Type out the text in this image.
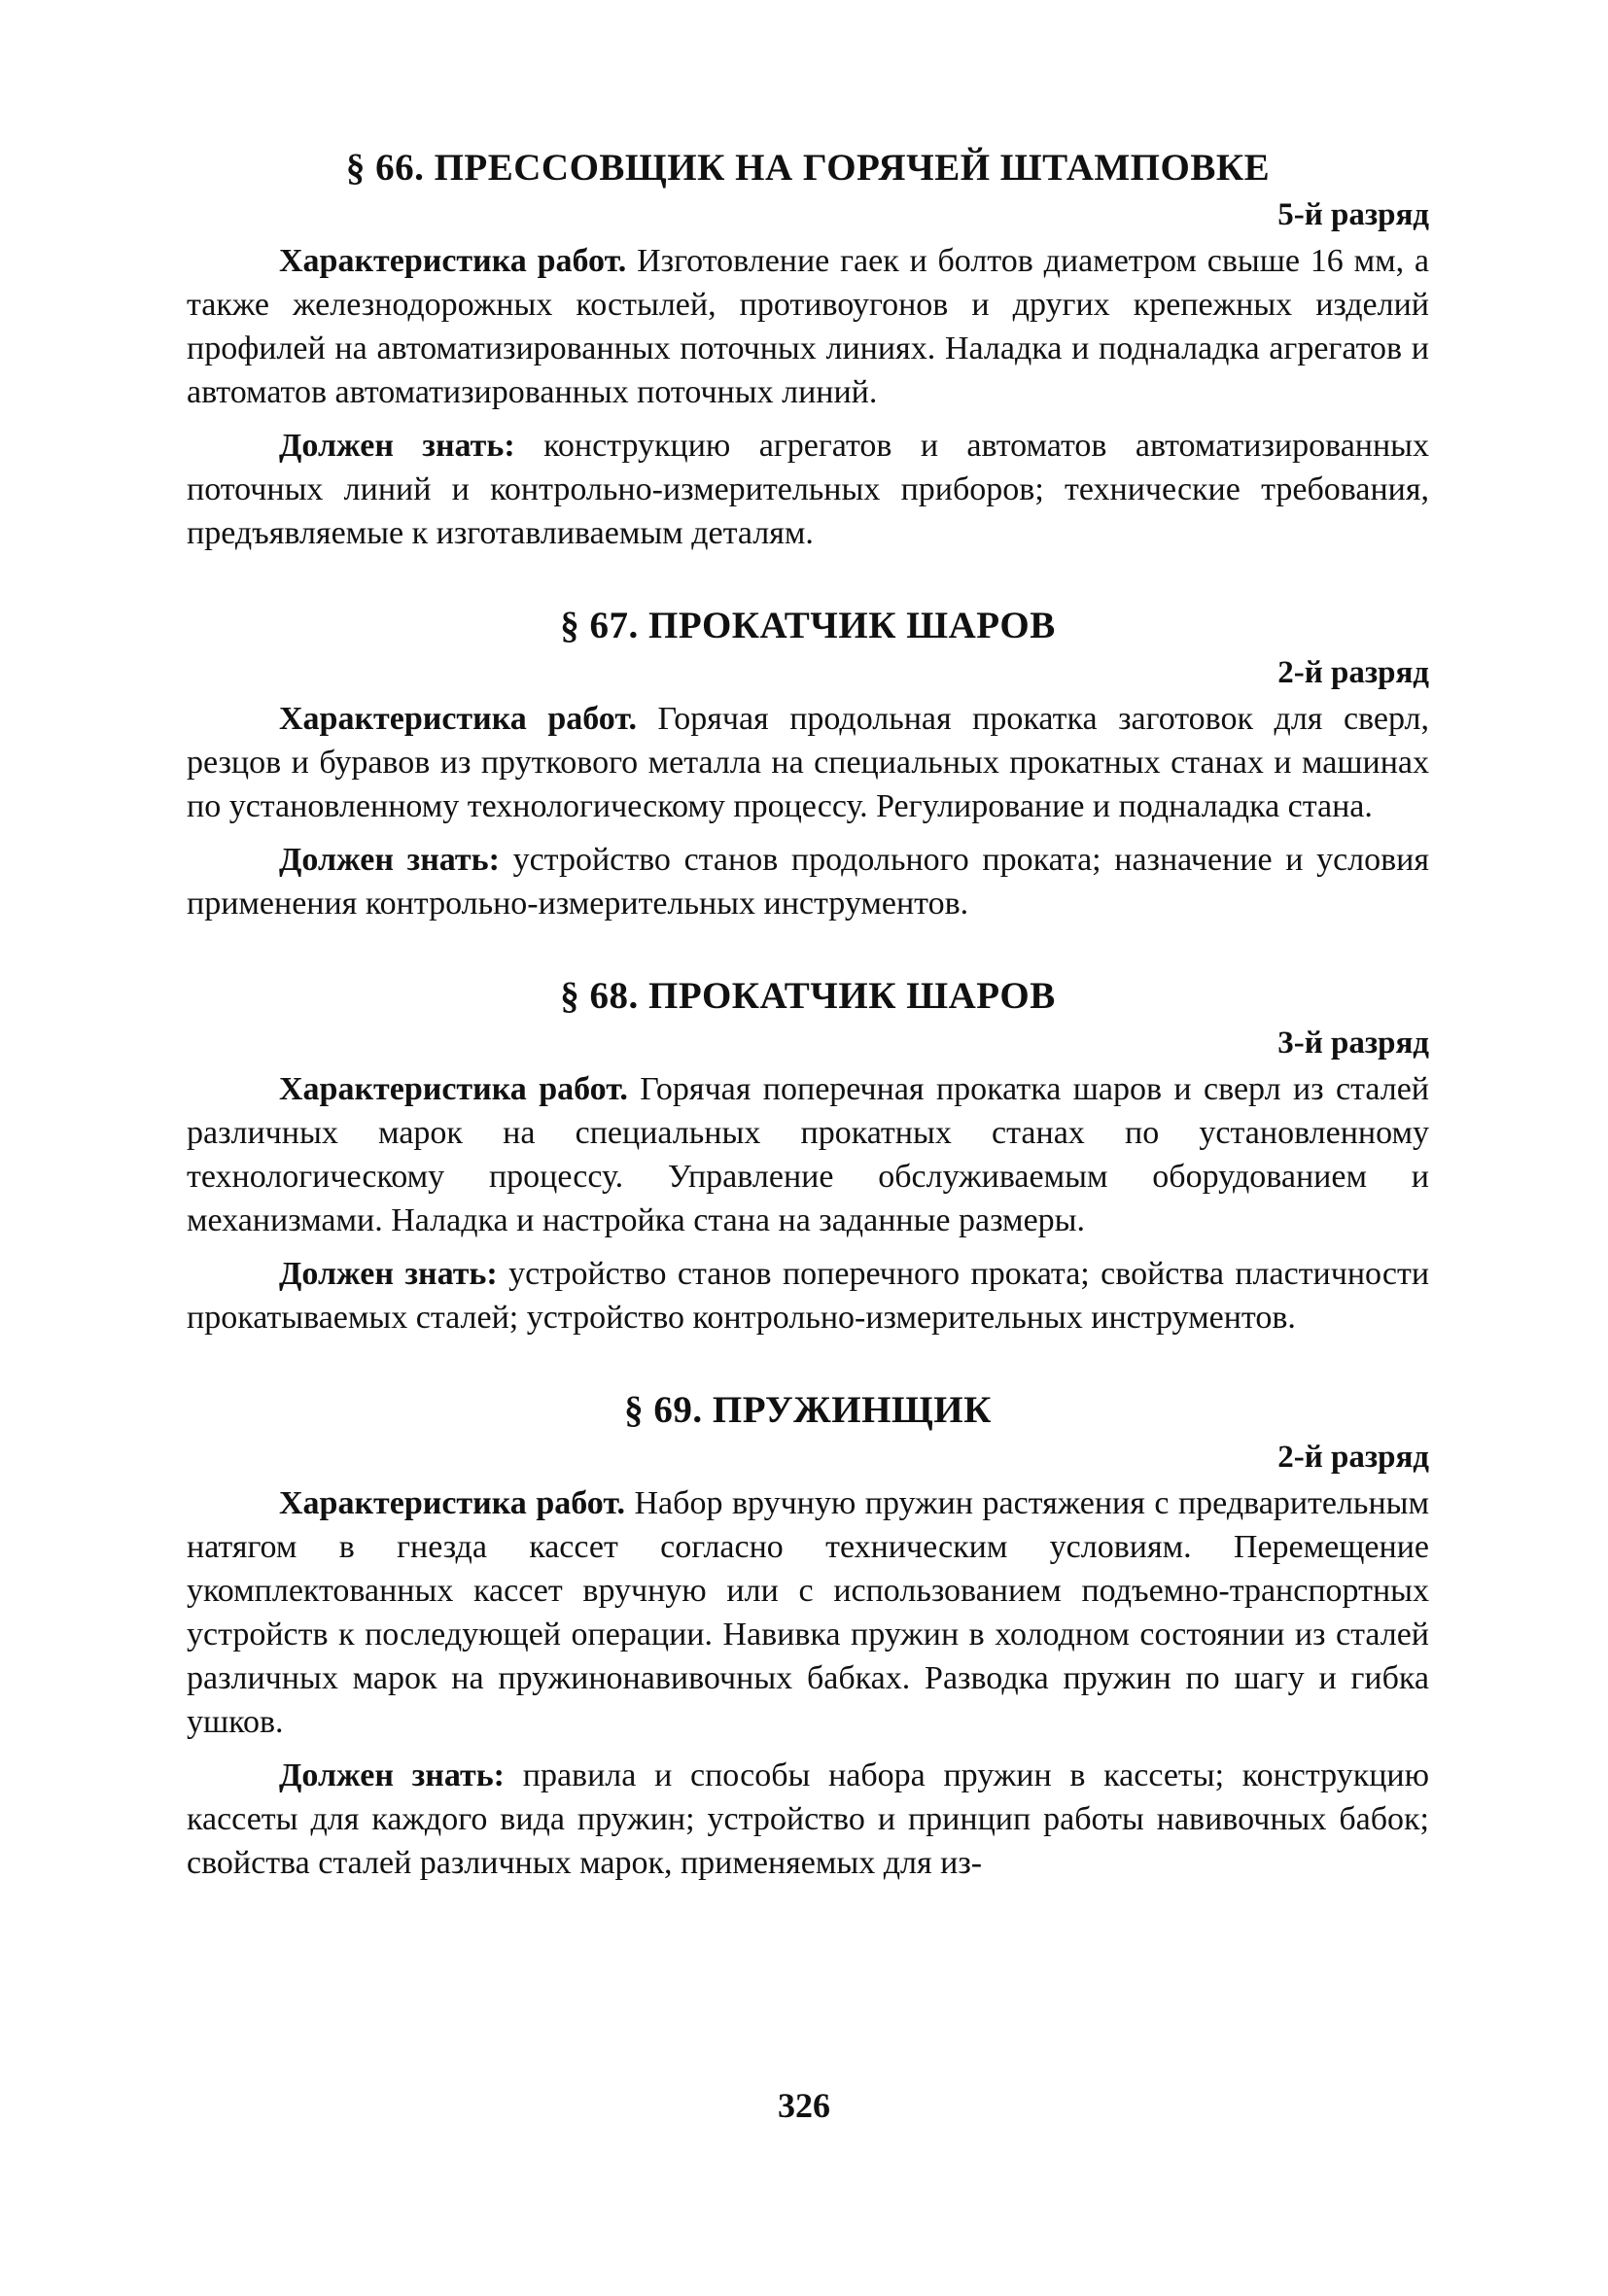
§ 66. ПРЕССОВЩИК НА ГОРЯЧЕЙ ШТАМПОВКЕ
5-й разряд

Характеристика работ. Изготовление гаек и болтов диаметром свыше 16 мм, а также железнодорожных костылей, противоугонов и других крепежных изделий профилей на автоматизированных поточных линиях. Наладка и подналадка агрегатов и автоматов автоматизированных поточных линий.

Должен знать: конструкцию агрегатов и автоматов автоматизированных поточных линий и контрольно-измерительных приборов; технические требования, предъявляемые к изготавливаемым деталям.

§ 67. ПРОКАТЧИК ШАРОВ
2-й разряд

Характеристика работ. Горячая продольная прокатка заготовок для сверл, резцов и буравов из пруткового металла на специальных прокатных станах и машинах по установленному технологическому процессу. Регулирование и подналадка стана.

Должен знать: устройство станов продольного проката; назначение и условия применения контрольно-измерительных инструментов.

§ 68. ПРОКАТЧИК ШАРОВ
3-й разряд

Характеристика работ. Горячая поперечная прокатка шаров и сверл из сталей различных марок на специальных прокатных станах по установленному технологическому процессу. Управление обслуживаемым оборудованием и механизмами. Наладка и настройка стана на заданные размеры.

Должен знать: устройство станов поперечного проката; свойства пластичности прокатываемых сталей; устройство контрольно-измерительных инструментов.

§ 69. ПРУЖИНЩИК
2-й разряд

Характеристика работ. Набор вручную пружин растяжения с предварительным натягом в гнезда кассет согласно техническим условиям. Перемещение укомплектованных кассет вручную или с использованием подъемно-транспортных устройств к последующей операции. Навивка пружин в холодном состоянии из сталей различных марок на пружинонавивочных бабках. Разводка пружин по шагу и гибка ушков.

Должен знать: правила и способы набора пружин в кассеты; конструкцию кассеты для каждого вида пружин; устройство и принцип работы навивочных бабок; свойства сталей различных марок, применяемых для из-

326
